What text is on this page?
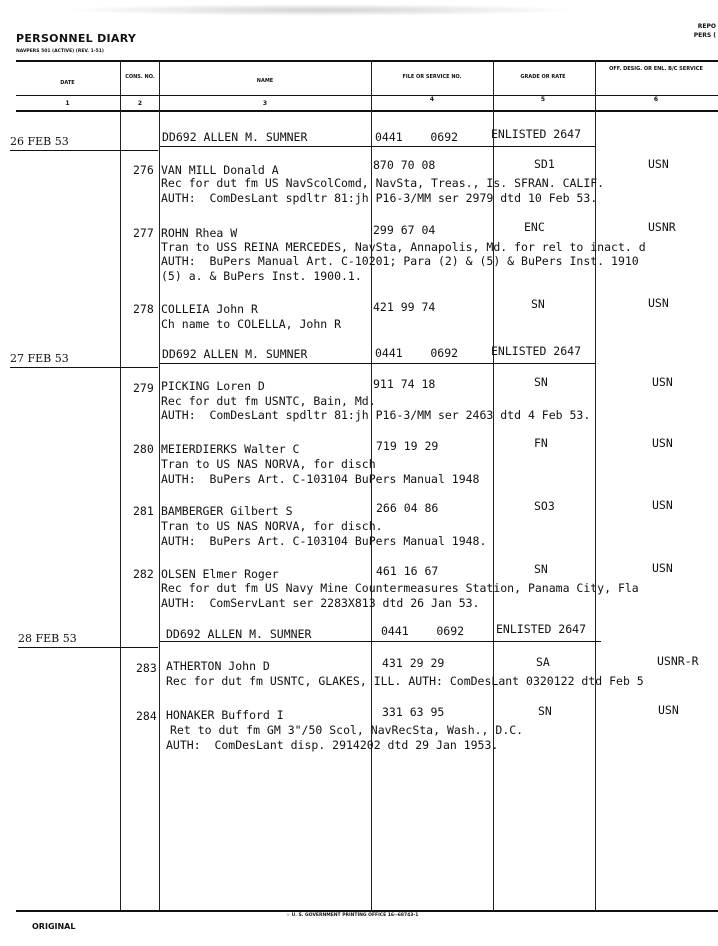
PERSONNEL DIARY
NAVPERS 501 (ACTIVE) (REV. 1-51)
REPO
PERS (
DATE
CONS. NO.
NAME
FILE OR SERVICE NO.	GRADE OR RATE
OFF. DESIG. OR ENL. B/C SERVICE
1	2	3
4	5	6
26 FEB 53	DD692 ALLEN M. SUMNER	0441    0692	ENLISTED 2647
276 VAN MILL Donald A	870 70 08	SD1	USN
Rec for dut fm US NavScolComd, NavSta, Treas., Is. SFRAN. CALIF.
AUTH:  ComDesLant spdltr 81:jh P16-3/MM ser 2979 dtd 10 Feb 53.
277 ROHN Rhea W	299 67 04	ENC	USNR
Tran to USS REINA MERCEDES, NavSta, Annapolis, Md. for rel to inact. d
AUTH:  BuPers Manual Art. C-10201; Para (2) & (5) & BuPers Inst. 1910
(5) a. & BuPers Inst. 1900.1.
278 COLLEIA John R	421 99 74	SN	USN
Ch name to COLELLA, John R
27 FEB 53	DD692 ALLEN M. SUMNER	0441    0692	ENLISTED 2647
279 PICKING Loren D	911 74 18	SN	USN
Rec for dut fm USNTC, Bain, Md.
AUTH:  ComDesLant spdltr 81:jh P16-3/MM ser 2463 dtd 4 Feb 53.
280 MEIERDIERKS Walter C	719 19 29	FN	USN
Tran to US NAS NORVA, for disch
AUTH:  BuPers Art. C-103104 BuPers Manual 1948
281 BAMBERGER Gilbert S	266 04 86	SO3	USN
Tran to US NAS NORVA, for disch.
AUTH:  BuPers Art. C-103104 BuPers Manual 1948.
282 OLSEN Elmer Roger	461 16 67	SN	USN
Rec for dut fm US Navy Mine Countermeasures Station, Panama City, Fla
AUTH:  ComServLant ser 2283X813 dtd 26 Jan 53.
28 FEB 53	DD692 ALLEN M. SUMNER	0441    0692	ENLISTED 2647
283 ATHERTON John D	431 29 29	SA	USNR-R
Rec for dut fm USNTC, GLAKES, ILL. AUTH: ComDesLant 0320122 dtd Feb 5
284 HONAKER Bufford I	331 63 95	SN	USN
Ret to dut fm GM 3"/50 Scol, NavRecSta, Wash., D.C.
AUTH:  ComDesLant disp. 2914202 dtd 29 Jan 1953.
☆ U. S. GOVERNMENT PRINTING OFFICE 16--68743-1
ORIGINAL
